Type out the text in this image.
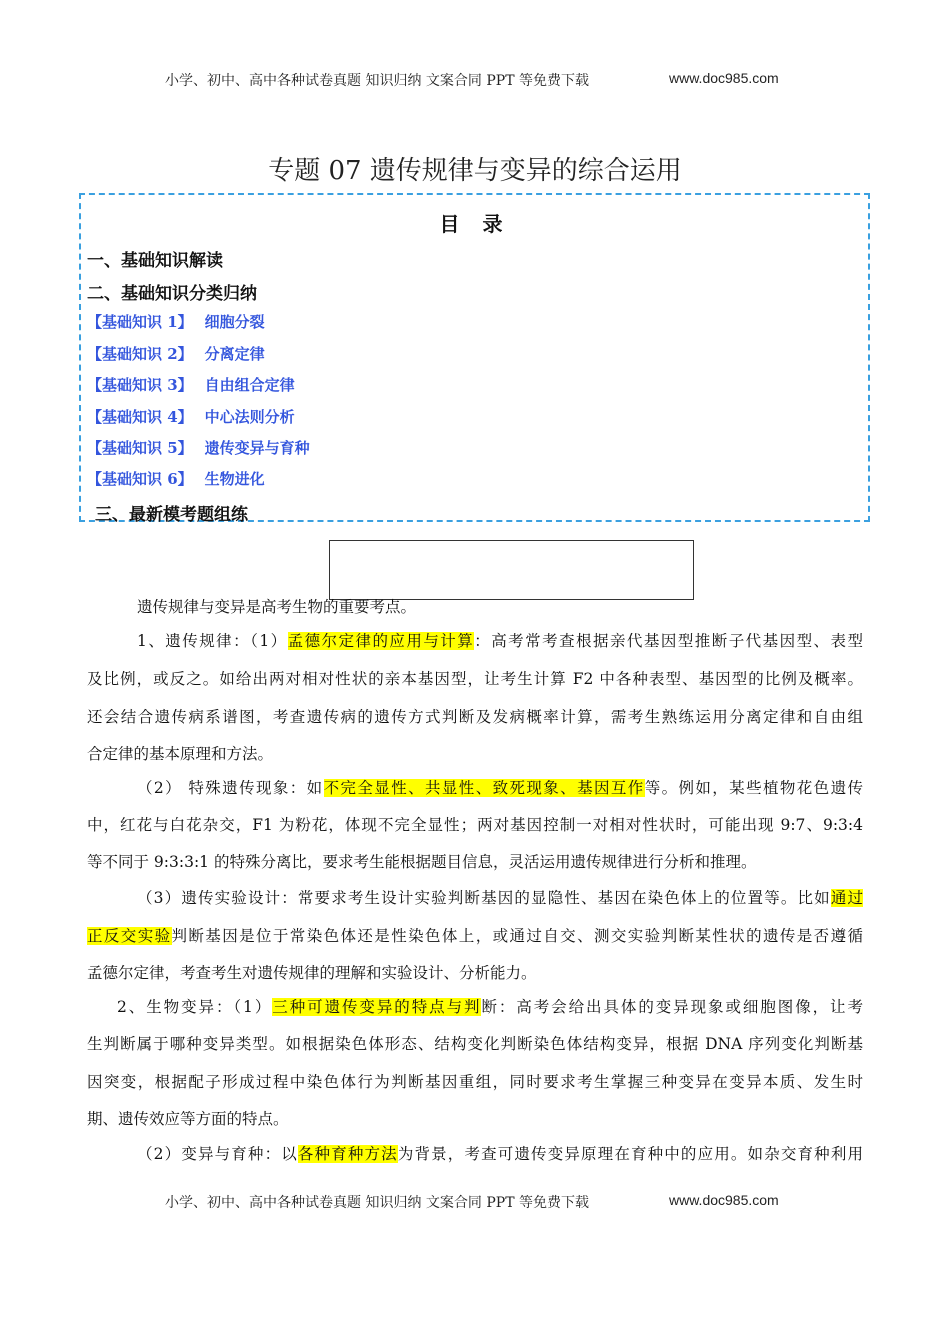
小学、初中、高中各种试卷真题 知识归纳 文案合同 PPT 等免费下载	www.doc985.com
专题 07 遗传规律与变异的综合运用
目 录
一、基础知识解读
二、基础知识分类归纳
【基础知识 1】 细胞分裂
【基础知识 2】 分离定律
【基础知识 3】 自由组合定律
【基础知识 4】 中心法则分析
【基础知识 5】 遗传变异与育种
【基础知识 6】 生物进化
三、最新模考题组练
遗传规律与变异是高考生物的重要考点。
1、遗传规律：（1）孟德尔定律的应用与计算：高考常考查根据亲代基因型推断子代基因型、表型
及比例，或反之。如给出两对相对性状的亲本基因型，让考生计算 F2 中各种表型、基因型的比例及概率。
还会结合遗传病系谱图，考查遗传病的遗传方式判断及发病概率计算，需考生熟练运用分离定律和自由组
合定律的基本原理和方法。
（2） 特殊遗传现象：如不完全显性、共显性、致死现象、基因互作等。例如，某些植物花色遗传
中，红花与白花杂交，F1 为粉花，体现不完全显性；两对基因控制一对相对性状时，可能出现 9:7、9:3:4
等不同于 9:3:3:1 的特殊分离比，要求考生能根据题目信息，灵活运用遗传规律进行分析和推理。
（3）遗传实验设计：常要求考生设计实验判断基因的显隐性、基因在染色体上的位置等。比如通过
正反交实验判断基因是位于常染色体还是性染色体上，或通过自交、测交实验判断某性状的遗传是否遵循
孟德尔定律，考查考生对遗传规律的理解和实验设计、分析能力。
2、生物变异：（1）三种可遗传变异的特点与判断：高考会给出具体的变异现象或细胞图像，让考
生判断属于哪种变异类型。如根据染色体形态、结构变化判断染色体结构变异，根据 DNA 序列变化判断基
因突变，根据配子形成过程中染色体行为判断基因重组，同时要求考生掌握三种变异在变异本质、发生时
期、遗传效应等方面的特点。
（2）变异与育种：以各种育种方法为背景，考查可遗传变异原理在育种中的应用。如杂交育种利用
小学、初中、高中各种试卷真题 知识归纳 文案合同 PPT 等免费下载	www.doc985.com
